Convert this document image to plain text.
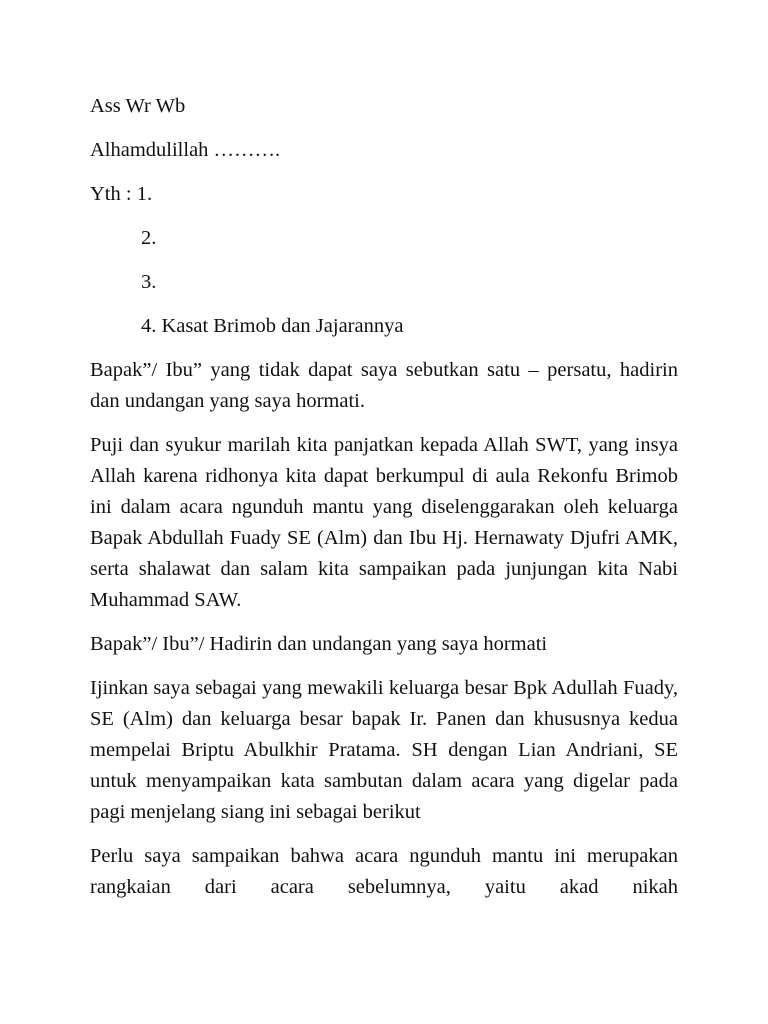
Ass Wr Wb

Alhamdulillah ……….

Yth : 1.

2.

3.

4. Kasat Brimob dan Jajarannya

Bapak”/ Ibu” yang tidak dapat saya sebutkan satu – persatu, hadirin dan undangan yang saya hormati.

Puji dan syukur marilah kita panjatkan kepada Allah SWT, yang insya Allah karena ridhonya kita dapat berkumpul di aula Rekonfu Brimob ini dalam acara ngunduh mantu yang diselenggarakan oleh keluarga Bapak Abdullah Fuady SE (Alm) dan Ibu Hj. Hernawaty Djufri AMK, serta shalawat dan salam kita sampaikan pada junjungan kita Nabi Muhammad SAW.

Bapak”/ Ibu”/ Hadirin dan undangan yang saya hormati

Ijinkan saya sebagai yang mewakili keluarga besar Bpk Adullah Fuady, SE (Alm) dan keluarga besar bapak Ir. Panen dan khususnya kedua mempelai Briptu Abulkhir Pratama. SH dengan Lian Andriani, SE untuk menyampaikan kata sambutan dalam acara yang digelar pada pagi menjelang siang ini sebagai berikut

Perlu saya sampaikan bahwa acara ngunduh mantu ini merupakan rangkaian dari acara sebelumnya, yaitu akad nikah
